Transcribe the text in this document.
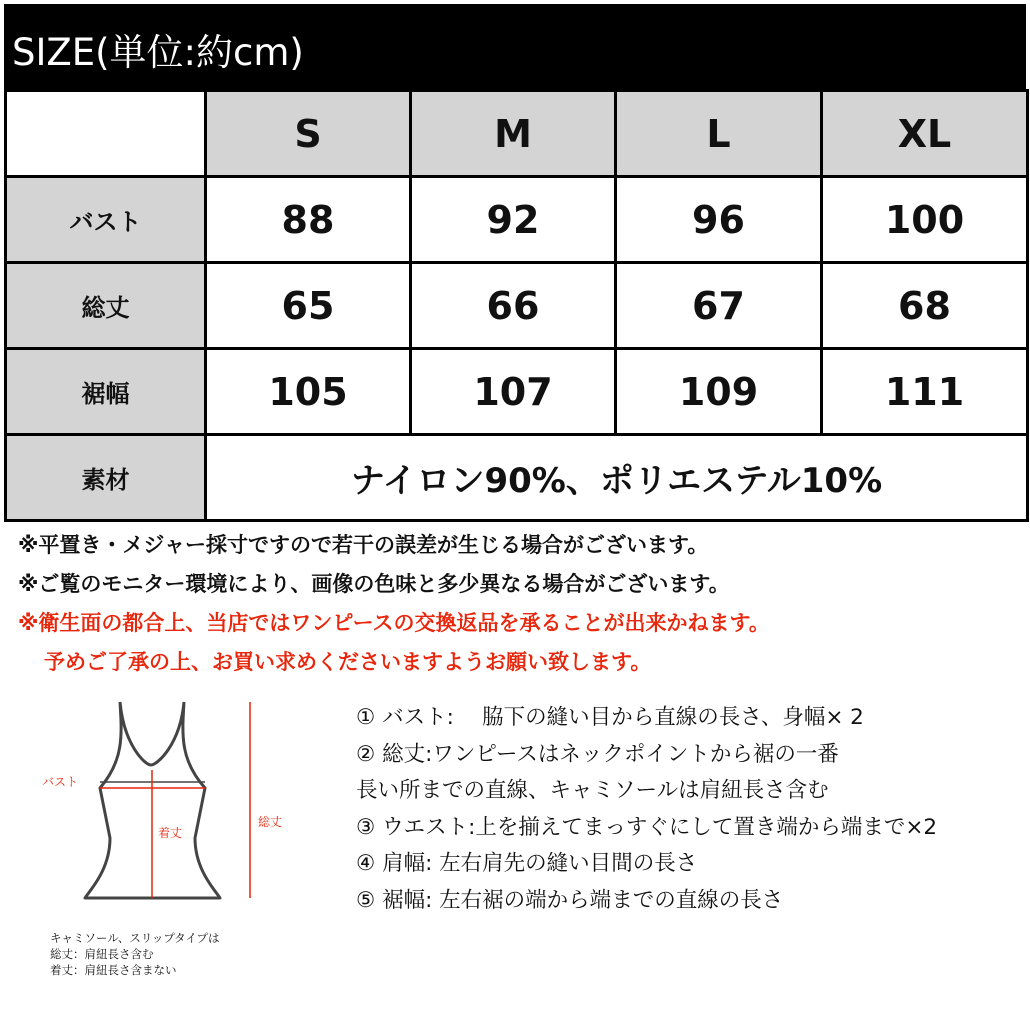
SIZE(単位:約cm)
	S	M	L	XL
バスト	88	92	96	100
総丈	65	66	67	68
裾幅	105	107	109	111
素材	ナイロン90%、ポリエステル10%			
※平置き・メジャー採寸ですので若干の誤差が生じる場合がございます。
※ご覧のモニター環境により、画像の色味と多少異なる場合がございます。
※衛生面の都合上、当店ではワンピースの交換返品を承ることが出来かねます。
予めご了承の上、お買い求めくださいますようお願い致します。
バスト
着丈
総丈
キャミソール、スリップタイプは
総丈：肩紐長さ含む
着丈：肩紐長さ含まない
① バスト:　 脇下の縫い目から直線の長さ、身幅× 2
② 総丈:ワンピースはネックポイントから裾の一番
長い所までの直線、キャミソールは肩紐長さ含む
③ ウエスト:上を揃えてまっすぐにして置き端から端まで×2
④ 肩幅: 左右肩先の縫い目間の長さ
⑤ 裾幅: 左右裾の端から端までの直線の長さ
